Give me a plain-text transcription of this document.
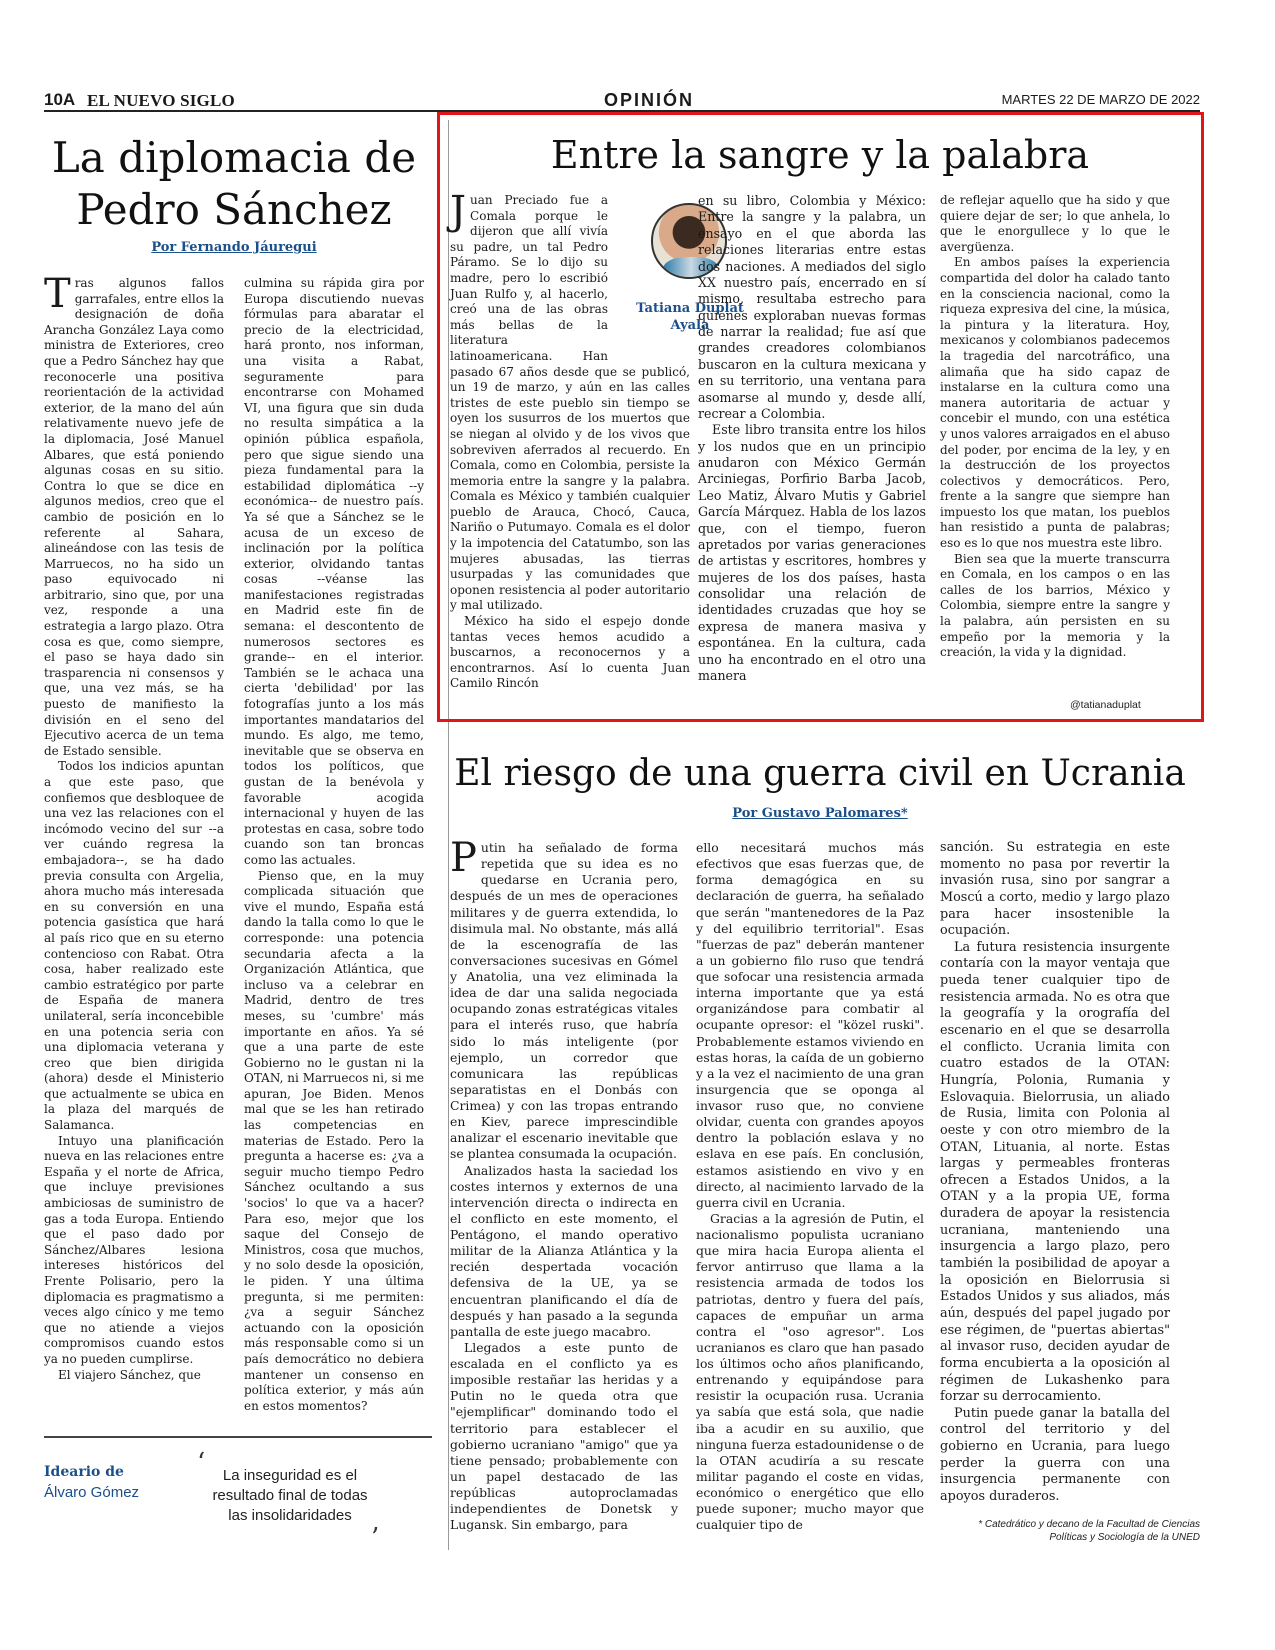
10A EL NUEVO SIGLO	OPINIÓN	MARTES 22 DE MARZO DE 2022
La diplomacia de Pedro Sánchez
Por Fernando Jáuregui

Tras algunos fallos garrafales, entre ellos la designación de doña Arancha González Laya como ministra de Exteriores, creo que a Pedro Sánchez hay que reconocerle una positiva reorientación de la actividad exterior, de la mano del aún relativamente nuevo jefe de la diplomacia, José Manuel Albares, que está poniendo algunas cosas en su sitio. Contra lo que se dice en algunos medios, creo que el cambio de posición en lo referente al Sahara, alineándose con las tesis de Marruecos, no ha sido un paso equivocado ni arbitrario, sino que, por una vez, responde a una estrategia a largo plazo. Otra cosa es que, como siempre, el paso se haya dado sin trasparencia ni consensos y que, una vez más, se ha puesto de manifiesto la división en el seno del Ejecutivo acerca de un tema de Estado sensible.

Todos los indicios apuntan a que este paso, que confiemos que desbloquee de una vez las relaciones con el incómodo vecino del sur --a ver cuándo regresa la embajadora--, se ha dado previa consulta con Argelia, ahora mucho más interesada en su conversión en una potencia gasística que hará al país rico que en su eterno contencioso con Rabat. Otra cosa, haber realizado este cambio estratégico por parte de España de manera unilateral, sería inconcebible en una potencia seria con una diplomacia veterana y creo que bien dirigida (ahora) desde el Ministerio que actualmente se ubica en la plaza del marqués de Salamanca.

Intuyo una planificación nueva en las relaciones entre España y el norte de Africa, que incluye previsiones ambiciosas de suministro de gas a toda Europa. Entiendo que el paso dado por Sánchez/Albares lesiona intereses históricos del Frente Polisario, pero la diplomacia es pragmatismo a veces algo cínico y me temo que no atiende a viejos compromisos cuando estos ya no pueden cumplirse.

El viajero Sánchez, que

culmina su rápida gira por Europa discutiendo nuevas fórmulas para abaratar el precio de la electricidad, hará pronto, nos informan, una visita a Rabat, seguramente para encontrarse con Mohamed VI, una figura que sin duda no resulta simpática a la opinión pública española, pero que sigue siendo una pieza fundamental para la estabilidad diplomática --y económica-- de nuestro país. Ya sé que a Sánchez se le acusa de un exceso de inclinación por la política exterior, olvidando tantas cosas --véanse las manifestaciones registradas en Madrid este fin de semana: el descontento de numerosos sectores es grande-- en el interior. También se le achaca una cierta 'debilidad' por las fotografías junto a los más importantes mandatarios del mundo. Es algo, me temo, inevitable que se observa en todos los políticos, que gustan de la benévola y favorable acogida internacional y huyen de las protestas en casa, sobre todo cuando son tan broncas como las actuales.

Pienso que, en la muy complicada situación que vive el mundo, España está dando la talla como lo que le corresponde: una potencia secundaria afecta a la Organización Atlántica, que incluso va a celebrar en Madrid, dentro de tres meses, su 'cumbre' más importante en años. Ya sé que a una parte de este Gobierno no le gustan ni la OTAN, ni Marruecos ni, si me apuran, Joe Biden. Menos mal que se les han retirado las competencias en materias de Estado. Pero la pregunta a hacerse es: ¿va a seguir mucho tiempo Pedro Sánchez ocultando a sus 'socios' lo que va a hacer? Para eso, mejor que los saque del Consejo de Ministros, cosa que muchos, y no solo desde la oposición, le piden. Y una última pregunta, si me permiten: ¿va a seguir Sánchez actuando con la oposición más responsable como si un país democrático no debiera mantener un consenso en política exterior, y más aún en estos momentos?

Ideario de
Álvaro Gómez
‘	La inseguridad es el resultado final de todas las insolidaridades
’
Entre la sangre y la palabra

Juan Preciado fue a Comala porque le dijeron que allí vivía su padre, un tal Pedro Páramo. Se lo dijo su madre, pero lo escribió Juan Rulfo y, al hacerlo, creó una de las obras más bellas de la literatura latinoamericana. Han pasado 67 años desde que se publicó, un 19 de marzo, y aún en las calles tristes de este pueblo sin tiempo se oyen los susurros de los muertos que se niegan al olvido y de los vivos que sobreviven aferrados al recuerdo. En Comala, como en Colombia, persiste la memoria entre la sangre y la palabra. Comala es México y también cualquier pueblo de Arauca, Chocó, Cauca, Nariño o Putumayo. Comala es el dolor y la impotencia del Catatumbo, son las mujeres abusadas, las tierras usurpadas y las comunidades que oponen resistencia al poder autoritario y mal utilizado.

México ha sido el espejo donde tantas veces hemos acudido a buscarnos, a reconocernos y a encontrarnos. Así lo cuenta Juan Camilo Rincón

Tatiana Duplat Ayala

en su libro, Colombia y México: Entre la sangre y la palabra, un ensayo en el que aborda las relaciones literarias entre estas dos naciones. A mediados del siglo XX nuestro país, encerrado en sí mismo, resultaba estrecho para quienes exploraban nuevas formas de narrar la realidad; fue así que grandes creadores colombianos buscaron en la cultura mexicana y en su territorio, una ventana para asomarse al mundo y, desde allí, recrear a Colombia.

Este libro transita entre los hilos y los nudos que en un principio anudaron con México Germán Arciniegas, Porfirio Barba Jacob, Leo Matiz, Álvaro Mutis y Gabriel García Márquez. Habla de los lazos que, con el tiempo, fueron apretados por varias generaciones de artistas y escritores, hombres y mujeres de los dos países, hasta consolidar una relación de identidades cruzadas que hoy se expresa de manera masiva y espontánea. En la cultura, cada uno ha encontrado en el otro una manera

de reflejar aquello que ha sido y que quiere dejar de ser; lo que anhela, lo que le enorgullece y lo que le avergüenza.

En ambos países la experiencia compartida del dolor ha calado tanto en la consciencia nacional, como la riqueza expresiva del cine, la música, la pintura y la literatura. Hoy, mexicanos y colombianos padecemos la tragedia del narcotráfico, una alimaña que ha sido capaz de instalarse en la cultura como una manera autoritaria de actuar y concebir el mundo, con una estética y unos valores arraigados en el abuso del poder, por encima de la ley, y en la destrucción de los proyectos colectivos y democráticos. Pero, frente a la sangre que siempre han impuesto los que matan, los pueblos han resistido a punta de palabras; eso es lo que nos muestra este libro.

Bien sea que la muerte transcurra en Comala, en los campos o en las calles de los barrios, México y Colombia, siempre entre la sangre y la palabra, aún persisten en su empeño por la memoria y la creación, la vida y la dignidad.

@tatianaduplat
El riesgo de una guerra civil en Ucrania
Por Gustavo Palomares*

Putin ha señalado de forma repetida que su idea es no quedarse en Ucrania pero, después de un mes de operaciones militares y de guerra extendida, lo disimula mal. No obstante, más allá de la escenografía de las conversaciones sucesivas en Gómel y Anatolia, una vez eliminada la idea de dar una salida negociada ocupando zonas estratégicas vitales para el interés ruso, que habría sido lo más inteligente (por ejemplo, un corredor que comunicara las repúblicas separatistas en el Donbás con Crimea) y con las tropas entrando en Kiev, parece imprescindible analizar el escenario inevitable que se plantea consumada la ocupación.

Analizados hasta la saciedad los costes internos y externos de una intervención directa o indirecta en el conflicto en este momento, el Pentágono, el mando operativo militar de la Alianza Atlántica y la recién despertada vocación defensiva de la UE, ya se encuentran planificando el día de después y han pasado a la segunda pantalla de este juego macabro.

Llegados a este punto de escalada en el conflicto ya es imposible restañar las heridas y a Putin no le queda otra que "ejemplificar" dominando todo el territorio para establecer el gobierno ucraniano "amigo" que ya tiene pensado; probablemente con un papel destacado de las repúblicas autoproclamadas independientes de Donetsk y Lugansk. Sin embargo, para

ello necesitará muchos más efectivos que esas fuerzas que, de forma demagógica en su declaración de guerra, ha señalado que serán "mantenedores de la Paz y del equilibrio territorial". Esas "fuerzas de paz" deberán mantener a un gobierno filo ruso que tendrá que sofocar una resistencia armada interna importante que ya está organizándose para combatir al ocupante opresor: el "közel ruski". Probablemente estamos viviendo en estas horas, la caída de un gobierno y a la vez el nacimiento de una gran insurgencia que se oponga al invasor ruso que, no conviene olvidar, cuenta con grandes apoyos dentro la población eslava y no eslava en ese país. En conclusión, estamos asistiendo en vivo y en directo, al nacimiento larvado de la guerra civil en Ucrania.

Gracias a la agresión de Putin, el nacionalismo populista ucraniano que mira hacia Europa alienta el fervor antirruso que llama a la resistencia armada de todos los patriotas, dentro y fuera del país, capaces de empuñar un arma contra el "oso agresor". Los ucranianos es claro que han pasado los últimos ocho años planificando, entrenando y equipándose para resistir la ocupación rusa. Ucrania ya sabía que está sola, que nadie iba a acudir en su auxilio, que ninguna fuerza estadounidense o de la OTAN acudiría a su rescate militar pagando el coste en vidas, económico o energético que ello puede suponer; mucho mayor que cualquier tipo de

sanción. Su estrategia en este momento no pasa por revertir la invasión rusa, sino por sangrar a Moscú a corto, medio y largo plazo para hacer insostenible la ocupación.

La futura resistencia insurgente contaría con la mayor ventaja que pueda tener cualquier tipo de resistencia armada. No es otra que la geografía y la orografía del escenario en el que se desarrolla el conflicto. Ucrania limita con cuatro estados de la OTAN: Hungría, Polonia, Rumania y Eslovaquia. Bielorrusia, un aliado de Rusia, limita con Polonia al oeste y con otro miembro de la OTAN, Lituania, al norte. Estas largas y permeables fronteras ofrecen a Estados Unidos, a la OTAN y a la propia UE, forma duradera de apoyar la resistencia ucraniana, manteniendo una insurgencia a largo plazo, pero también la posibilidad de apoyar a la oposición en Bielorrusia si Estados Unidos y sus aliados, más aún, después del papel jugado por ese régimen, de "puertas abiertas" al invasor ruso, deciden ayudar de forma encubierta a la oposición al régimen de Lukashenko para forzar su derrocamiento.

Putin puede ganar la batalla del control del territorio y del gobierno en Ucrania, para luego perder la guerra con una insurgencia permanente con apoyos duraderos.

* Catedrático y decano de la Facultad de Ciencias Políticas y Sociología de la UNED
